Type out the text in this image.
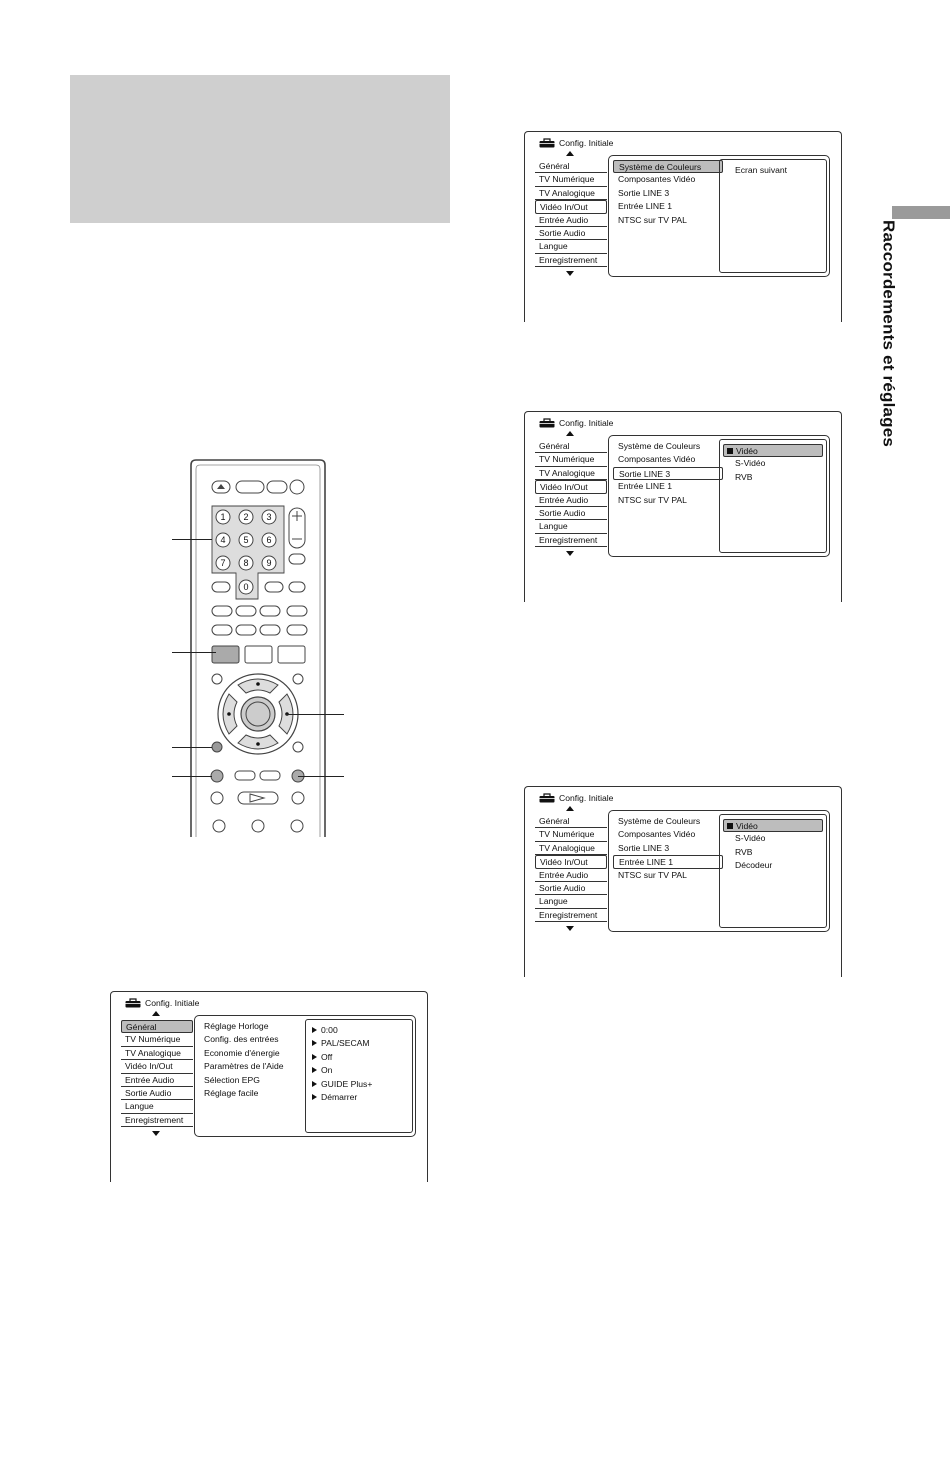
Raccordements et réglages
1 2 3
4 5 6
7 8 9
0
Config. Initiale
Général
TV Numérique
TV Analogique
Vidéo In/Out
Entrée Audio
Sortie Audio
Langue
Enregistrement
Réglage Horloge
Config. des entrées
Economie d'énergie
Paramètres de l'Aide
Sélection EPG
Réglage facile
0:00
PAL/SECAM
Off
On
GUIDE Plus+
Démarrer
Config. Initiale
Général
TV Numérique
TV Analogique
Vidéo In/Out
Entrée Audio
Sortie Audio
Langue
Enregistrement
Système de Couleurs
Composantes Vidéo
Sortie LINE 3
Entrée LINE 1
NTSC sur TV PAL
Ecran suivant
Config. Initiale
Général
TV Numérique
TV Analogique
Vidéo In/Out
Entrée Audio
Sortie Audio
Langue
Enregistrement
Système de Couleurs
Composantes Vidéo
Sortie LINE 3
Entrée LINE 1
NTSC sur TV PAL
Vidéo
S-Vidéo
RVB
Config. Initiale
Général
TV Numérique
TV Analogique
Vidéo In/Out
Entrée Audio
Sortie Audio
Langue
Enregistrement
Système de Couleurs
Composantes Vidéo
Sortie LINE 3
Entrée LINE 1
NTSC sur TV PAL
Vidéo
S-Vidéo
RVB
Décodeur
